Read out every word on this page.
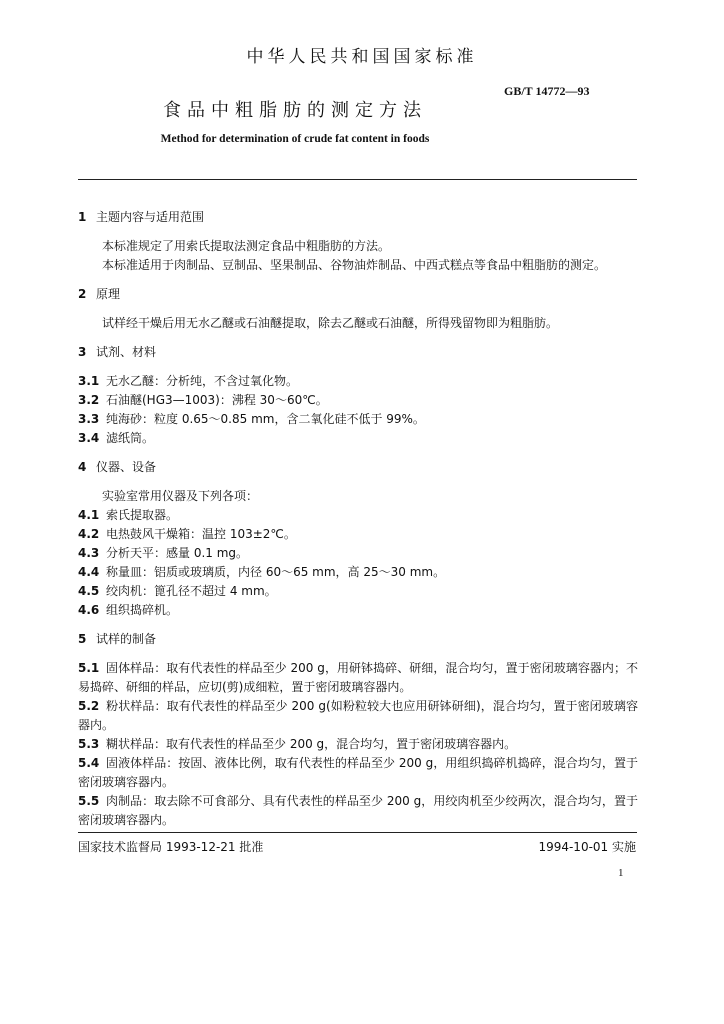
中华人民共和国国家标准
GB/T 14772—93
食品中粗脂肪的测定方法
Method for determination of crude fat content in foods
1 主题内容与适用范围
本标准规定了用索氏提取法测定食品中粗脂肪的方法。
本标准适用于肉制品、豆制品、坚果制品、谷物油炸制品、中西式糕点等食品中粗脂肪的测定。
2 原理
试样经干燥后用无水乙醚或石油醚提取，除去乙醚或石油醚，所得残留物即为粗脂肪。
3 试剂、材料
3.1 无水乙醚：分析纯，不含过氧化物。
3.2 石油醚(HG3—1003)：沸程 30～60℃。
3.3 纯海砂：粒度 0.65～0.85 mm，含二氧化硅不低于 99%。
3.4 滤纸筒。
4 仪器、设备
实验室常用仪器及下列各项：
4.1 索氏提取器。
4.2 电热鼓风干燥箱：温控 103±2℃。
4.3 分析天平：感量 0.1 mg。
4.4 称量皿：铝质或玻璃质，内径 60～65 mm，高 25～30 mm。
4.5 绞肉机：篦孔径不超过 4 mm。
4.6 组织捣碎机。
5 试样的制备
5.1 固体样品：取有代表性的样品至少 200 g，用研钵捣碎、研细，混合均匀，置于密闭玻璃容器内；不易捣碎、研细的样品，应切(剪)成细粒，置于密闭玻璃容器内。
5.2 粉状样品：取有代表性的样品至少 200 g(如粉粒较大也应用研钵研细)，混合均匀，置于密闭玻璃容器内。
5.3 糊状样品：取有代表性的样品至少 200 g，混合均匀，置于密闭玻璃容器内。
5.4 固液体样品：按固、液体比例，取有代表性的样品至少 200 g，用组织捣碎机捣碎，混合均匀，置于密闭玻璃容器内。
5.5 肉制品：取去除不可食部分、具有代表性的样品至少 200 g，用绞肉机至少绞两次，混合均匀，置于密闭玻璃容器内。
国家技术监督局 1993-12-21 批准	1994-10-01 实施
1
